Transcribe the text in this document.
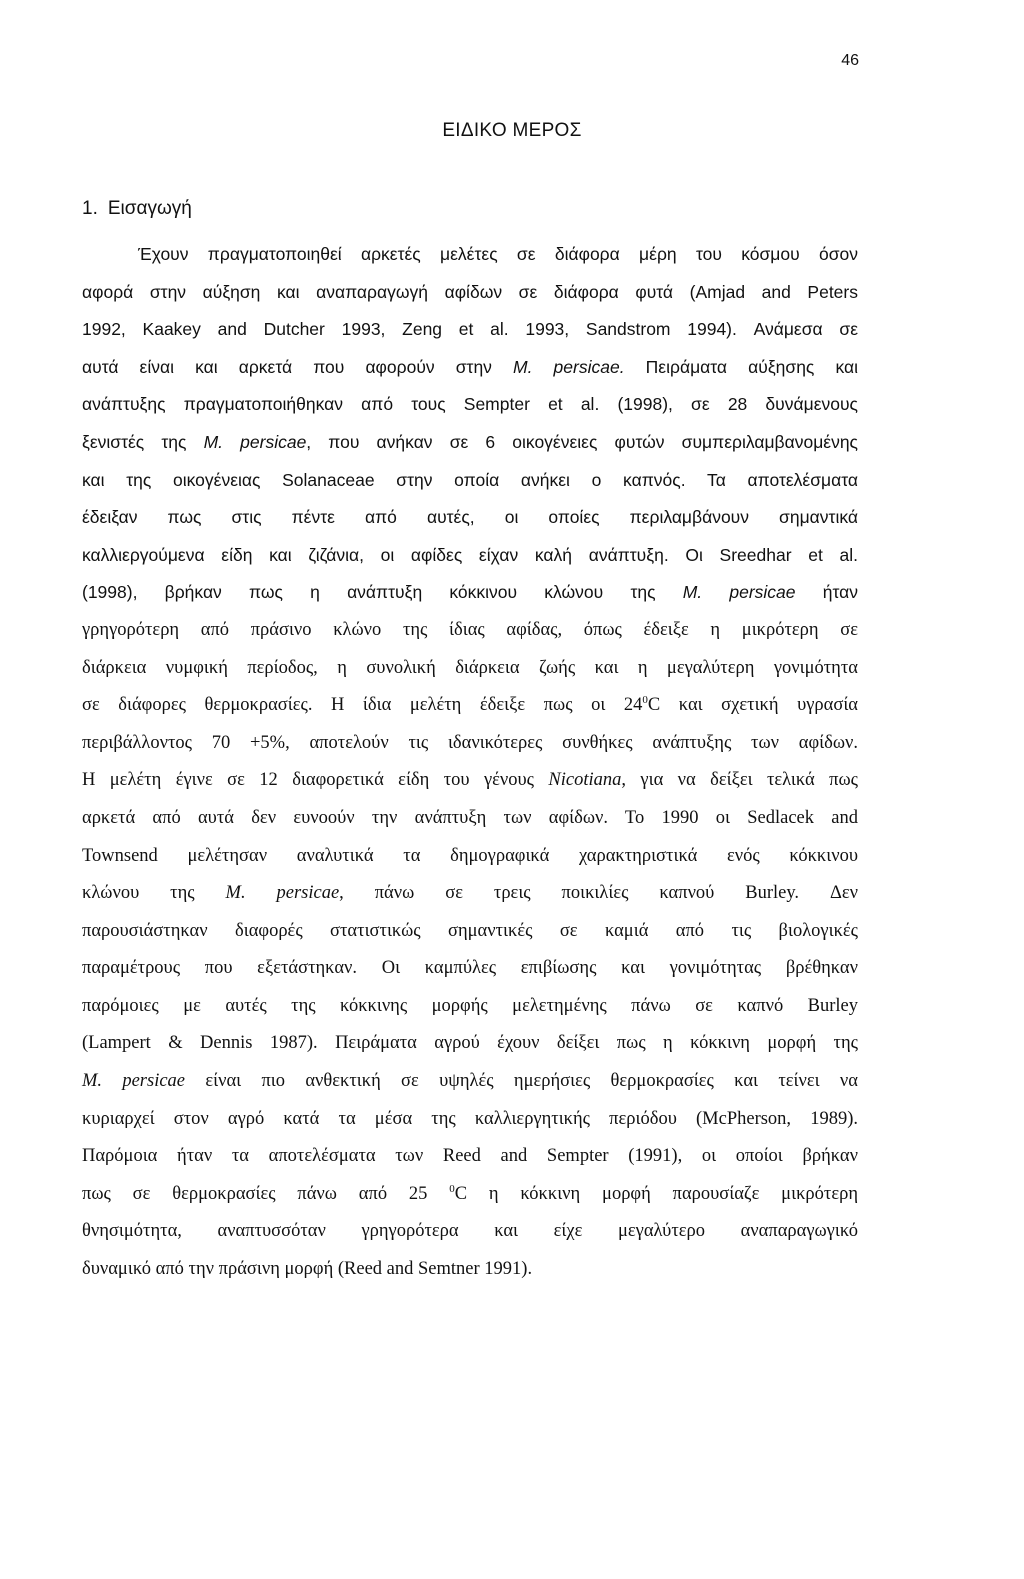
46
ΕΙΔΙΚΟ ΜΕΡΟΣ
1. Εισαγωγή
Έχουν πραγματοποιηθεί αρκετές μελέτες σε διάφορα μέρη του κόσμου όσον
αφορά στην αύξηση και αναπαραγωγή αφίδων σε διάφορα φυτά (Amjad and Peters
1992, Kaakey and Dutcher 1993, Zeng et al. 1993, Sandstrom 1994). Ανάμεσα σε
αυτά είναι και αρκετά που αφορούν στην M. persicae. Πειράματα αύξησης και
ανάπτυξης πραγματοποιήθηκαν από τους Sempter et al. (1998), σε 28 δυνάμενους
ξενιστές της M. persicae, που ανήκαν σε 6 οικογένειες φυτών συμπεριλαμβανομένης
και της οικογένειας Solanaceae στην οποία ανήκει ο καπνός. Τα αποτελέσματα
έδειξαν πως στις πέντε από αυτές, οι οποίες περιλαμβάνουν σημαντικά
καλλιεργούμενα είδη και ζιζάνια, οι αφίδες είχαν καλή ανάπτυξη. Οι Sreedhar et al.
(1998), βρήκαν πως η ανάπτυξη κόκκινου κλώνου της M. persicae ήταν
γρηγορότερη από πράσινο κλώνο της ίδιας αφίδας, όπως έδειξε η μικρότερη σε
διάρκεια νυμφική περίοδος, η συνολική διάρκεια ζωής και η μεγαλύτερη γονιμότητα
σε διάφορες θερμοκρασίες. Η ίδια μελέτη έδειξε πως οι $24^0C$ και σχετική υγρασία
περιβάλλοντος 70 +5%, αποτελούν τις ιδανικότερες συνθήκες ανάπτυξης των αφίδων.
Η μελέτη έγινε σε 12 διαφορετικά είδη του γένους Nicotiana, για να δείξει τελικά πως
αρκετά από αυτά δεν ευνοούν την ανάπτυξη των αφίδων. Το 1990 οι Sedlacek and
Townsend μελέτησαν αναλυτικά τα δημογραφικά χαρακτηριστικά ενός κόκκινου
κλώνου της M. persicae, πάνω σε τρεις ποικιλίες καπνού Burley. Δεν
παρουσιάστηκαν διαφορές στατιστικώς σημαντικές σε καμιά από τις βιολογικές
παραμέτρους που εξετάστηκαν. Οι καμπύλες επιβίωσης και γονιμότητας βρέθηκαν
παρόμοιες με αυτές της κόκκινης μορφής μελετημένης πάνω σε καπνό Burley
(Lampert & Dennis 1987). Πειράματα αγρού έχουν δείξει πως η κόκκινη μορφή της
M. persicae είναι πιο ανθεκτική σε υψηλές ημερήσιες θερμοκρασίες και τείνει να
κυριαρχεί στον αγρό κατά τα μέσα της καλλιεργητικής περιόδου (McPherson, 1989).
Παρόμοια ήταν τα αποτελέσματα των Reed and Sempter (1991), οι οποίοι βρήκαν
πως σε θερμοκρασίες πάνω από 25 $^0$C η κόκκινη μορφή παρουσίαζε μικρότερη
θνησιμότητα, αναπτυσσόταν γρηγορότερα και είχε μεγαλύτερο αναπαραγωγικό
δυναμικό από την πράσινη μορφή (Reed and Semtner 1991).
